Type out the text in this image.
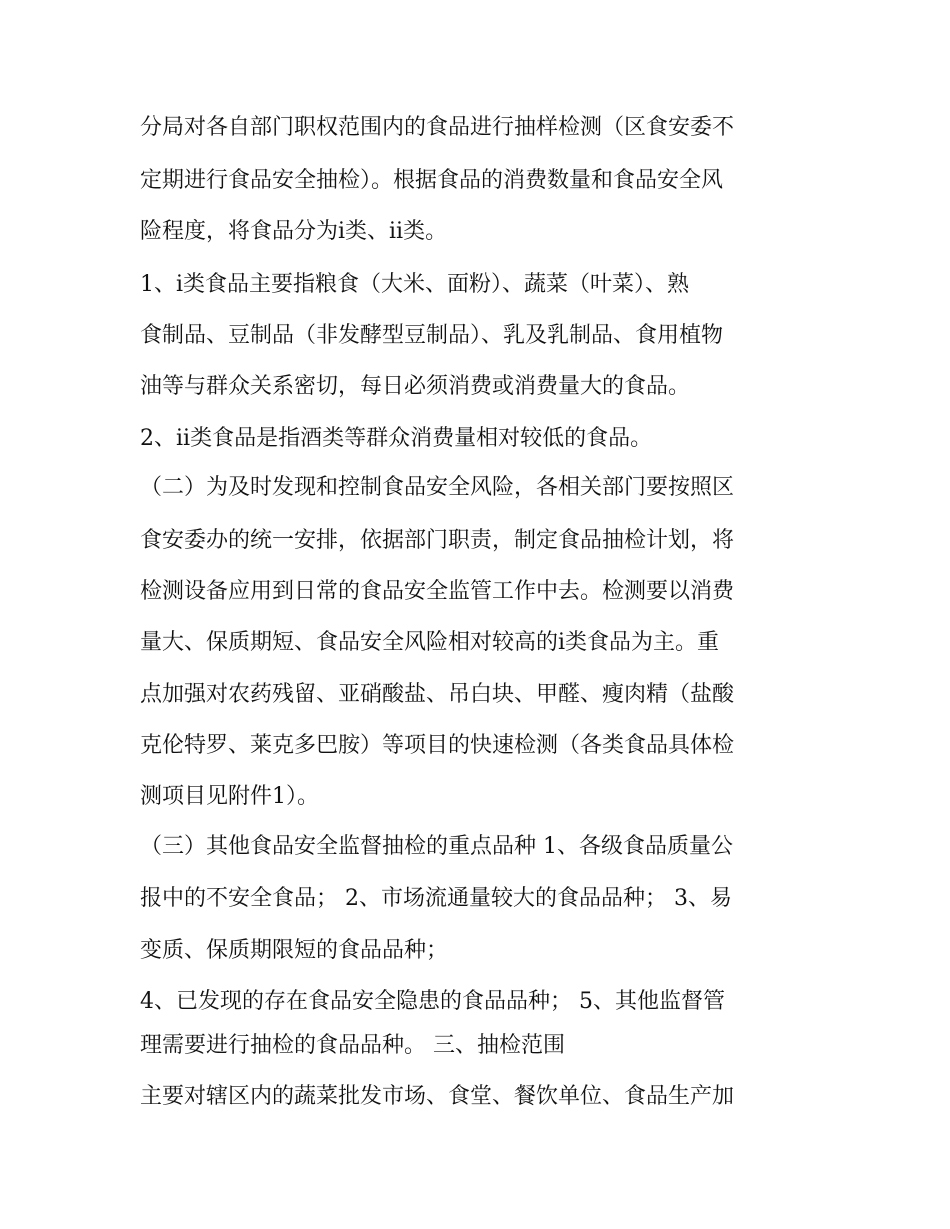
分局对各自部门职权范围内的食品进行抽样检测（区食安委不
定期进行食品安全抽检）。根据食品的消费数量和食品安全风
险程度，将食品分为ⅰ类、ⅱ类。
1、ⅰ类食品主要指粮食（大米、面粉）、蔬菜（叶菜）、熟
食制品、豆制品（非发酵型豆制品）、乳及乳制品、食用植物
油等与群众关系密切，每日必须消费或消费量大的食品。
2、ⅱ类食品是指酒类等群众消费量相对较低的食品。
（二）为及时发现和控制食品安全风险，各相关部门要按照区
食安委办的统一安排，依据部门职责，制定食品抽检计划，将
检测设备应用到日常的食品安全监管工作中去。检测要以消费
量大、保质期短、食品安全风险相对较高的ⅰ类食品为主。重
点加强对农药残留、亚硝酸盐、吊白块、甲醛、瘦肉精（盐酸
克伦特罗、莱克多巴胺）等项目的快速检测（各类食品具体检
测项目见附件1）。
（三）其他食品安全监督抽检的重点品种 1、各级食品质量公
报中的不安全食品； 2、市场流通量较大的食品品种； 3、易
变质、保质期限短的食品品种；
4、已发现的存在食品安全隐患的食品品种； 5、其他监督管
理需要进行抽检的食品品种。 三、抽检范围
主要对辖区内的蔬菜批发市场、食堂、餐饮单位、食品生产加
